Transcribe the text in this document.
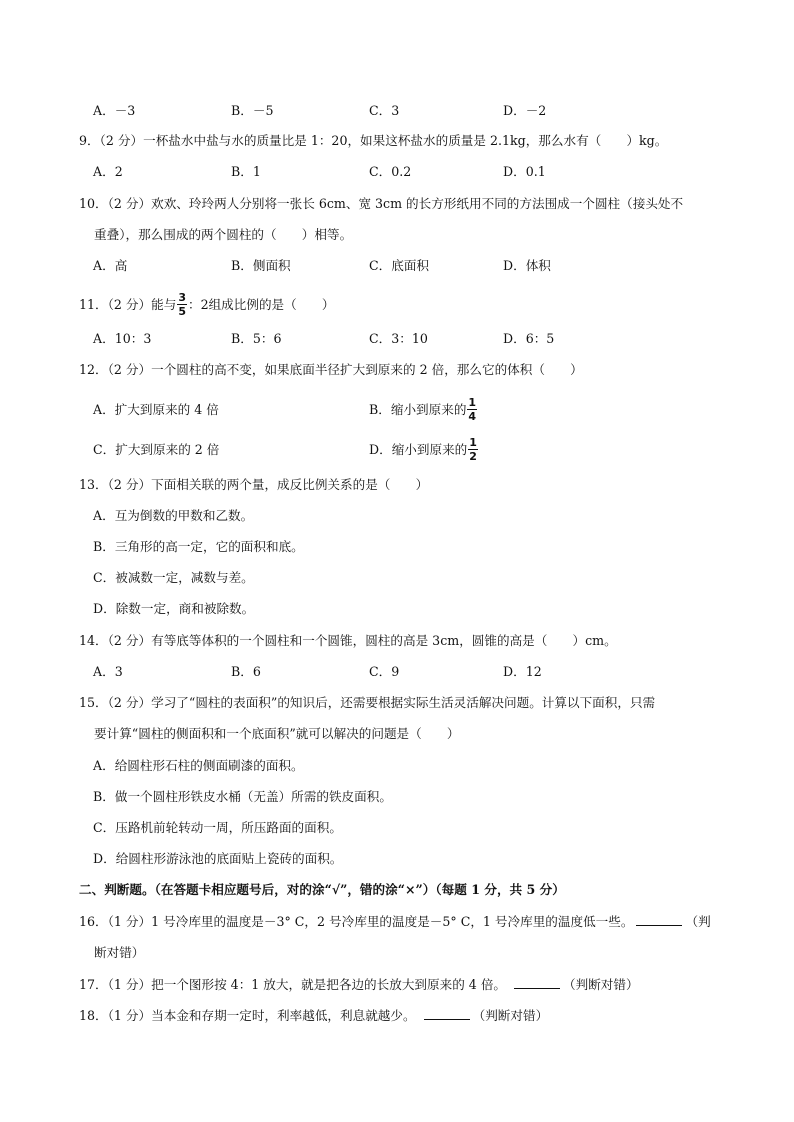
A．－3	B．－5	C．3	D．－2
9．（2 分）一杯盐水中盐与水的质量比是 1：20，如果这杯盐水的质量是 2.1kg，那么水有（　　）kg。
A．2	B．1	C．0.2	D．0.1
10．（2 分）欢欢、玲玲两人分别将一张长 6cm、宽 3cm 的长方形纸用不同的方法围成一个圆柱（接头处不
重叠），那么围成的两个圆柱的（　　）相等。
A．高	B．侧面积	C．底面积	D．体积
11．（2 分）能与 $\frac{3}{5}$ ：2组成比例的是（　　）
A．10：3	B．5：6	C．3：10	D．6：5
12．（2 分）一个圆柱的高不变，如果底面半径扩大到原来的 2 倍，那么它的体积（　　）
A．扩大到原来的 4 倍	B．缩小到原来的 $\frac{1}{4}$
C．扩大到原来的 2 倍	D．缩小到原来的 $\frac{1}{2}$
13．（2 分）下面相关联的两个量，成反比例关系的是（　　）
A．互为倒数的甲数和乙数。
B．三角形的高一定，它的面积和底。
C．被减数一定，减数与差。
D．除数一定，商和被除数。
14．（2 分）有等底等体积的一个圆柱和一个圆锥，圆柱的高是 3cm，圆锥的高是（　　）cm。
A．3	B．6	C．9	D．12
15．（2 分）学习了“圆柱的表面积”的知识后，还需要根据实际生活灵活解决问题。计算以下面积，只需
要计算“圆柱的侧面积和一个底面积”就可以解决的问题是（　　）
A．给圆柱形石柱的侧面刷漆的面积。
B．做一个圆柱形铁皮水桶（无盖）所需的铁皮面积。
C．压路机前轮转动一周，所压路面的面积。
D．给圆柱形游泳池的底面贴上瓷砖的面积。
二、判断题。（在答题卡相应题号后，对的涂“√”，错的涂“×”）（每题 1 分，共 5 分）
16．（1 分）1 号冷库里的温度是－3° C，2 号冷库里的温度是－5° C，1 号冷库里的温度低一些。	（判
断对错）
17．（1 分）把一个图形按 4：1 放大，就是把各边的长放大到原来的 4 倍。	（判断对错）
18．（1 分）当本金和存期一定时，利率越低，利息就越少。	（判断对错）
